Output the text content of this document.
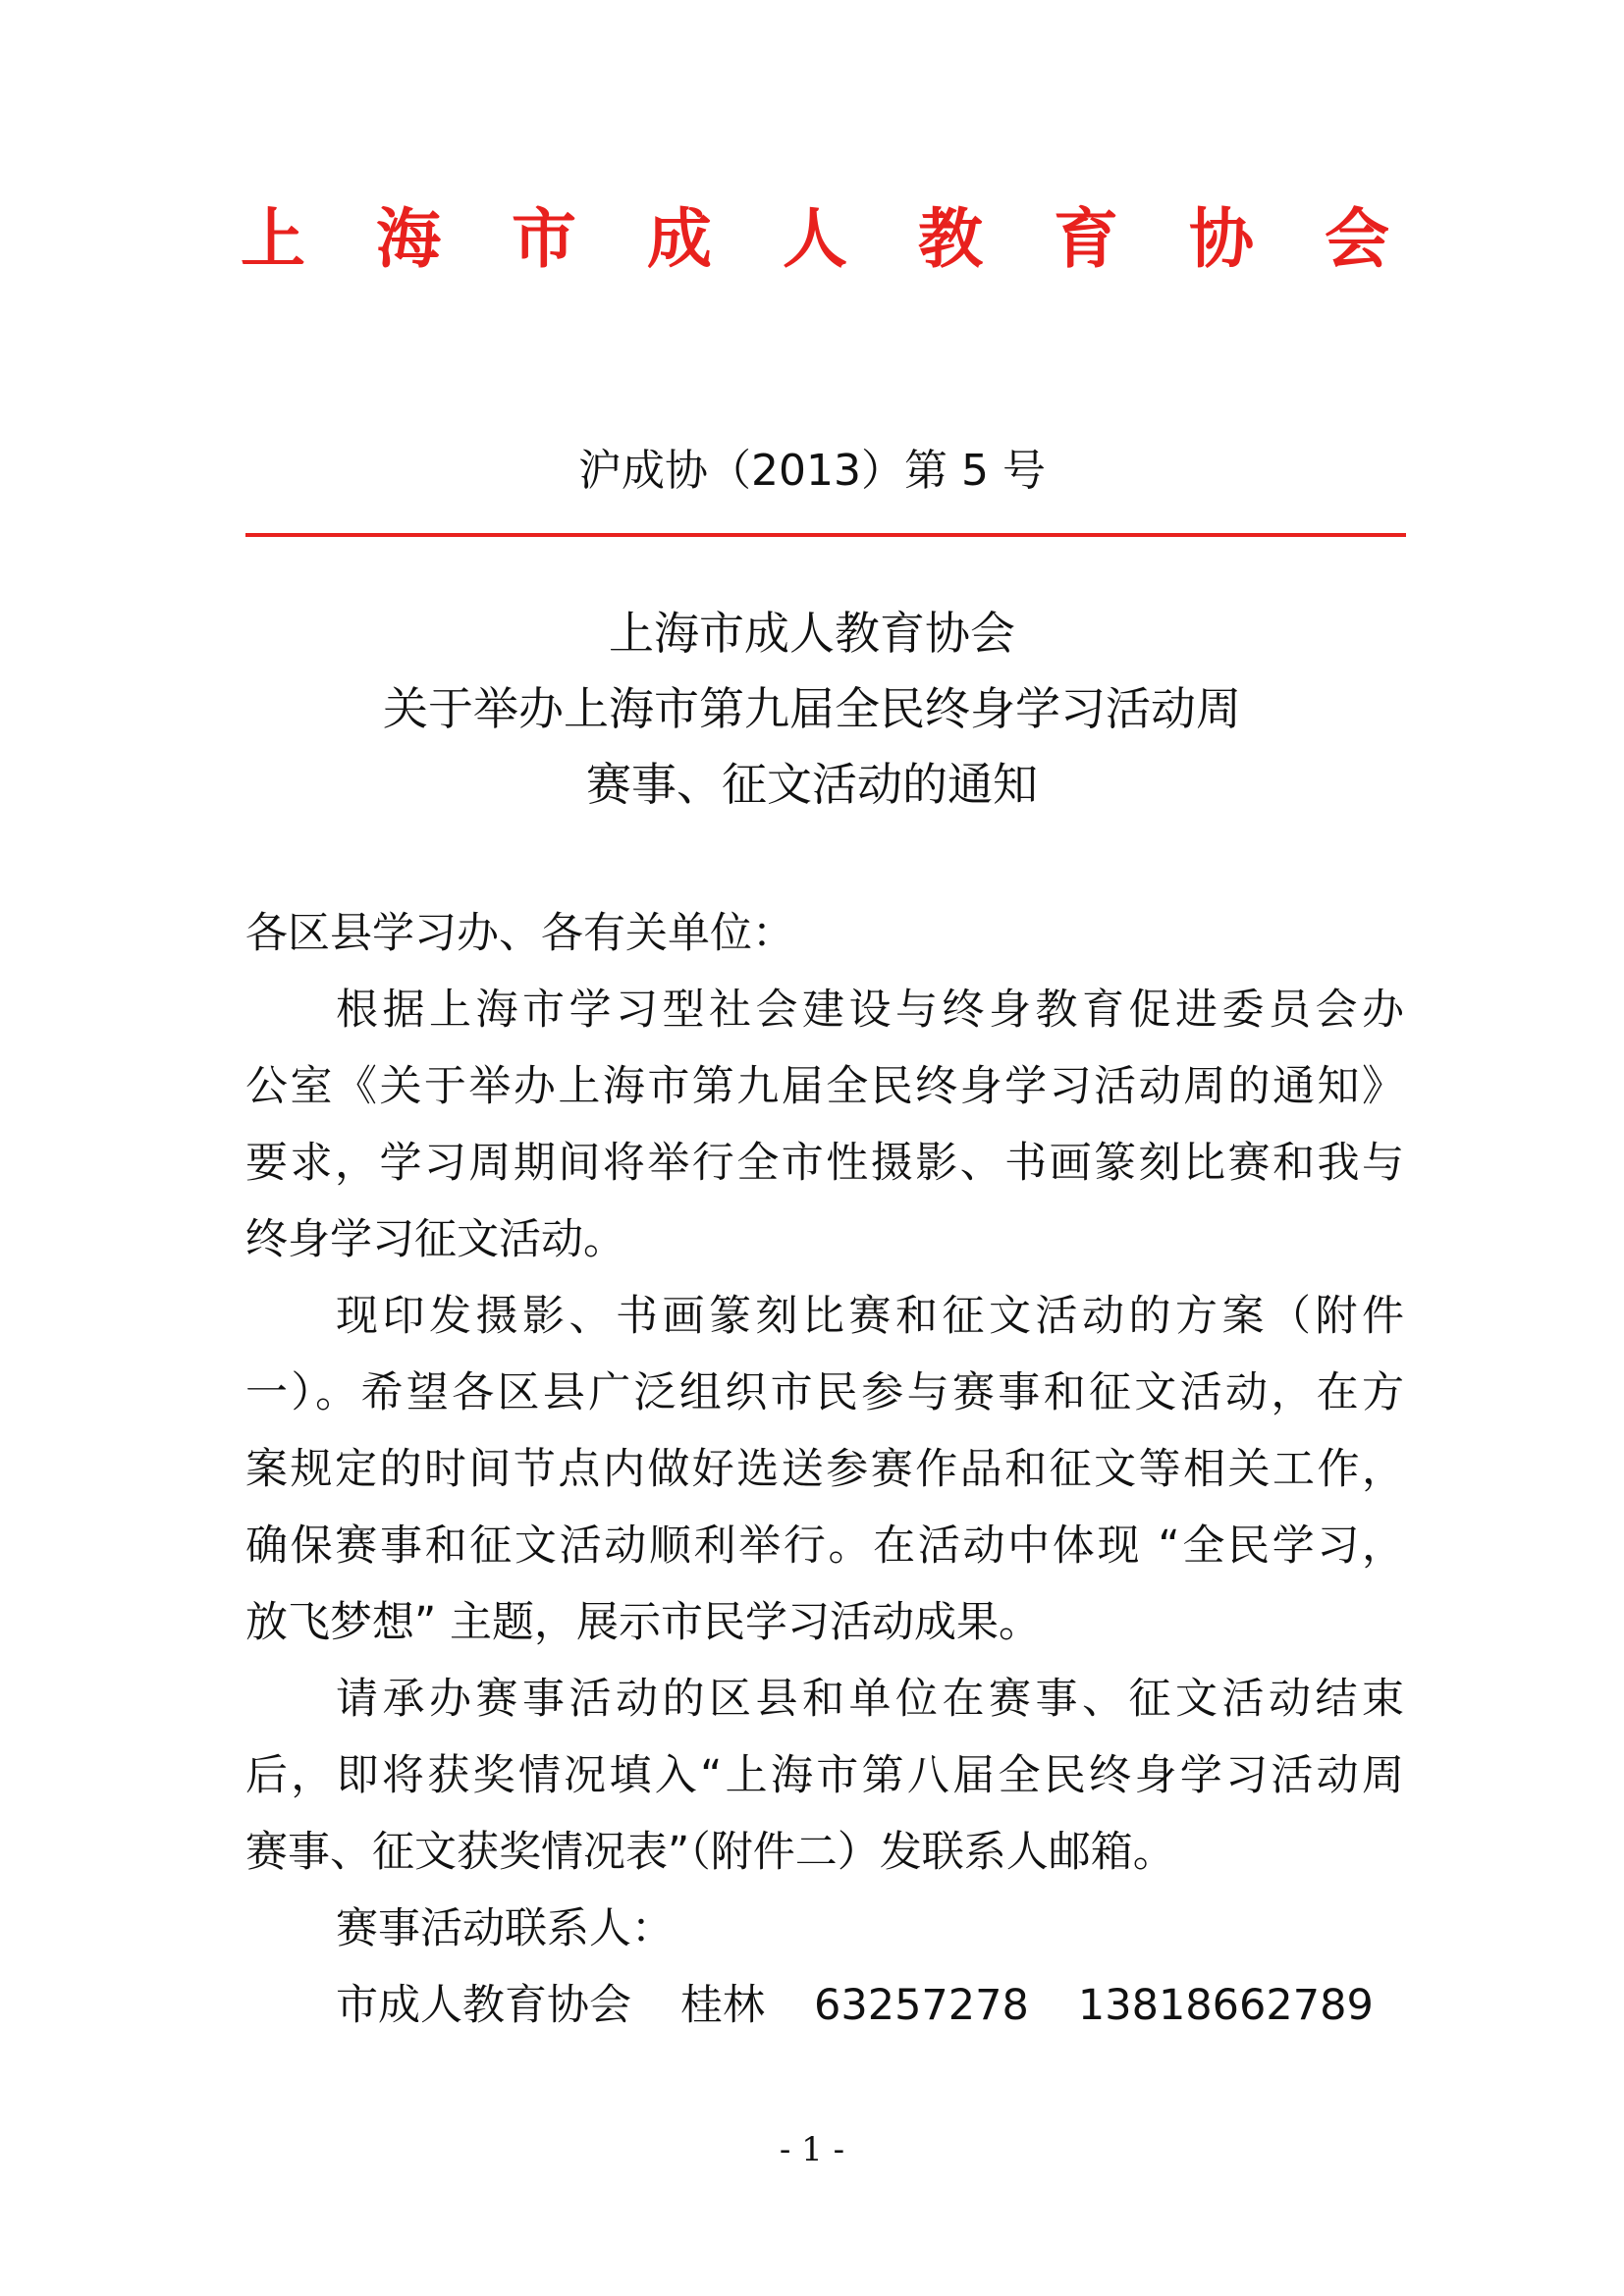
上 海 市 成 人 教 育 协 会
沪成协（2013）第 5 号
上海市成人教育协会
关于举办上海市第九届全民终身学习活动周
赛事、征文活动的通知
各区县学习办、各有关单位：
根据上海市学习型社会建设与终身教育促进委员会办
公室《关于举办上海市第九届全民终身学习活动周的通知》
要求，学习周期间将举行全市性摄影、书画篆刻比赛和我与
终身学习征文活动。
现印发摄影、书画篆刻比赛和征文活动的方案（附件
一）。希望各区县广泛组织市民参与赛事和征文活动，在方
案规定的时间节点内做好选送参赛作品和征文等相关工作，
确保赛事和征文活动顺利举行。在活动中体现 “全民学习，
放飞梦想” 主题，展示市民学习活动成果。
请承办赛事活动的区县和单位在赛事、征文活动结束
后，即将获奖情况填入“上海市第八届全民终身学习活动周
赛事、征文获奖情况表”（附件二）发联系人邮箱。
赛事活动联系人：
市成人教育协会 桂林 63257278 13818662789
- 1 -
